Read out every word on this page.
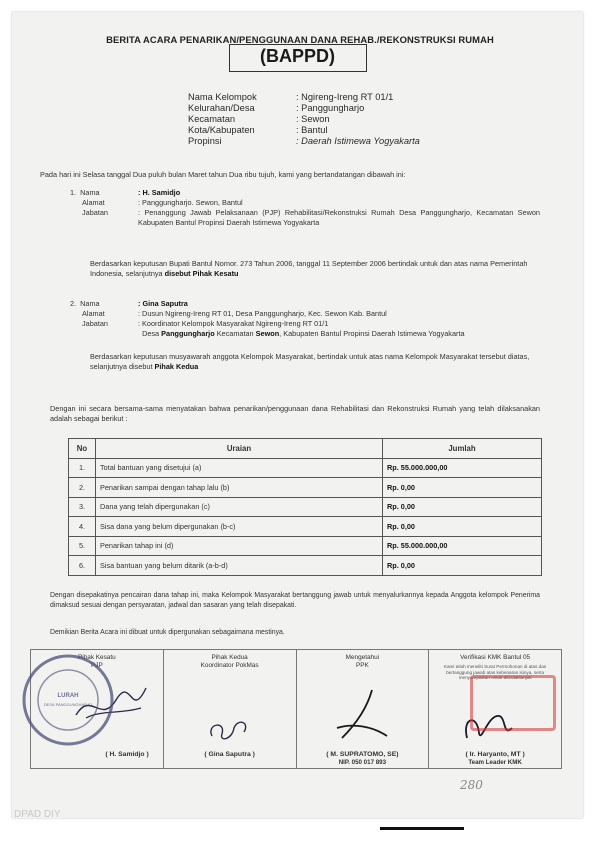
BERITA ACARA PENARIKAN/PENGGUNAAN DANA REHAB./REKONSTRUKSI RUMAH
(BAPPD)
Nama Kelompok	: Ngireng-Ireng RT 01/1
Kelurahan/Desa	: Panggungharjo
Kecamatan	: Sewon
Kota/Kabupaten	: Bantul
Propinsi	: Daerah Istimewa Yogyakarta
Pada hari ini Selasa tanggal Dua puluh bulan Maret tahun Dua ribu tujuh, kami yang bertandatangan dibawah ini:
1. Nama	: H. Samidjo
Alamat	: Panggungharjo. Sewon, Bantul
Jabatan	: Penanggung Jawab Pelaksanaan (PJP) Rehabilitasi/Rekonstruksi Rumah Desa Panggungharjo, Kecamatan Sewon Kabupaten Bantul Propinsi Daerah Istimewa Yogyakarta
Berdasarkan keputusan Bupati Bantul Nomor. 273 Tahun 2006, tanggal 11 September 2006 bertindak untuk dan atas nama Pemerintah Indonesia, selanjutnya disebut Pihak Kesatu
2. Nama	: Gina Saputra
Alamat	: Dusun Ngireng-Ireng RT 01, Desa Panggungharjo, Kec. Sewon Kab. Bantul
Jabatan	: Koordinator Kelompok Masyarakat Ngireng-Ireng RT 01/1
Desa Panggungharjo Kecamatan Sewon, Kabupaten Bantul Propinsi Daerah Istimewa Yogyakarta
Berdasarkan keputusan musyawarah anggota Kelompok Masyarakat, bertindak untuk atas nama Kelompok Masyarakat tersebut diatas, selanjutnya disebut Pihak Kedua
Dengan ini secara bersama-sama menyatakan bahwa penarikan/penggunaan dana Rehabilitasi dan Rekonstruksi Rumah yang telah dilaksanakan adalah sebagai berikut :
No	Uraian	Jumlah
1.	Total bantuan yang disetujui (a)	Rp. 55.000.000,00
2.	Penarikan sampai dengan tahap lalu (b)	Rp. 0,00
3.	Dana yang telah dipergunakan (c)	Rp. 0,00
4.	Sisa dana yang belum dipergunakan (b-c)	Rp. 0,00
5.	Penarikan tahap ini (d)	Rp. 55.000.000,00
6.	Sisa bantuan yang belum ditarik (a-b-d)	Rp. 0,00
Dengan disepakatinya pencairan dana tahap ini, maka Kelompok Masyarakat bertanggung jawab untuk menyalurkannya kepada Anggota kelompok Penerima dimaksud sesuai dengan persyaratan, jadwal dan sasaran yang telah disepakati.
Demikian Berita Acara ini dibuat untuk dipergunakan sebagaimana mestinya.
Pihak Kesatu
PJP
( H. Samidjo )
Pihak Kedua
Koordinator PokMas
( Gina Saputra )
Mengetahui
PPK
( M. SUPRATOMO, SE)
NIP. 050 017 893
Verifikasi KMK Bantul 05
Kami telah meneliti Surat Permohonan di atas dan bertanggung jawab atas kebenaran isinya, serta menyampaikan untuk ditindaklanjuti
( Ir. Haryanto, MT )
Team Leader KMK
LURAH
DESA PANGGUNGHARJO
280
DPAD DIY
